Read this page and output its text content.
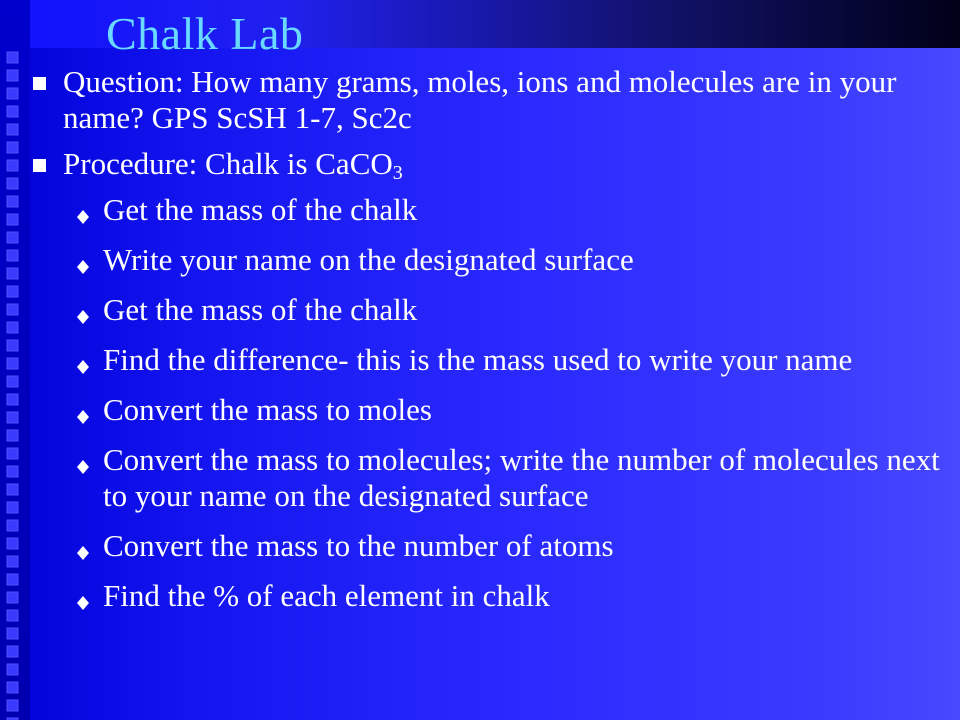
Chalk Lab
Question: How many grams, moles, ions and molecules are in your name? GPS ScSH 1-7, Sc2c
Procedure: Chalk is CaCO$_3$
Get the mass of the chalk
Write your name on the designated surface
Get the mass of the chalk
Find the difference- this is the mass used to write your name
Convert the mass to moles
Convert the mass to molecules; write the number of molecules next to your name on the designated surface
Convert the mass to the number of atoms
Find the % of each element in chalk
